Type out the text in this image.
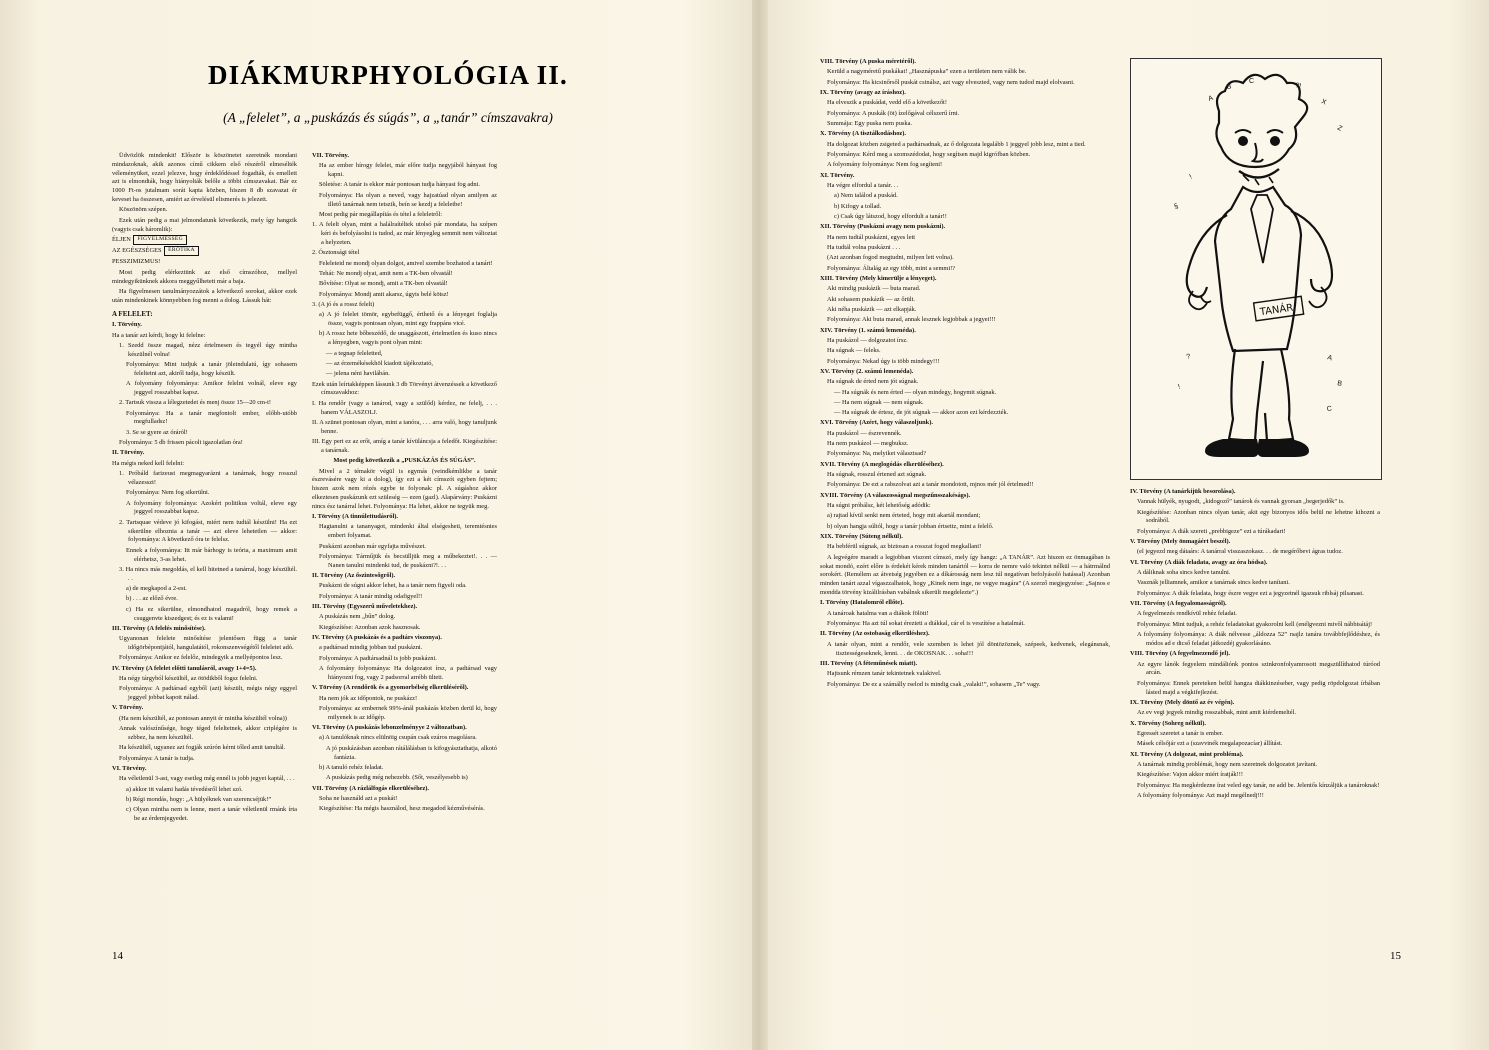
DIÁKMURPHYOLÓGIA II.
(A „felelet”, a „puskázás és súgás”, a „tanár” címszavakra)

Üdvözlök mindenkit! Először is köszönetet szeretnék mondani mindazoknak, akik azonos című cikkem első részéről elmesélték véleményüket, ezzel jelezve, hogy érdeklődéssel fogadták, és emellett azt is elmondták, hogy hiányolták belőle a többi címszavakat. Bár ez 1000 Ft-os jutalmam sorát kapta közben, hiszen 8 db szavazat ér keveset ha összesen, amiért az érvelésül elismerés is jelezett.

Köszönöm szépen.

Ezek után pedig a mai jelmondatunk következik, mely így hangzik (vagyis csak háromlik):

ÉLJEN FIGYELMESSÉG

AZ EGÉSZSÉGES EROTIKA

PESSZIMIZMUS!

Most pedig elérkeztünk az első címszóhoz, mellyel mindegyikünknek akkora meggyűlhetett már a baja.

Ha figyelmesen tanulmányozzátok a következő sorokat, akkor ezek után mindenkinek könnyebben fog menni a dolog. Lássuk hát:

A FELELET:

I. Törvény.

Ha a tanár azt kérdi, hogy ki felelne:

1. Szedd össze magad, nézz értelmesen és tegyél úgy mintha készülnél volna!

Folyománya: Mint tudjuk a tanár jöleindulatú, így sohasem feleltetni azt, akiről tudja, hogy készült.

A folyomány folyománya: Amikor felelni volnál, eleve egy jeggyel rosszabbat kapsz.

2. Tartsuk vissza a lélegzetedet és menj össze 15—20 cm-t!

Folyománya: Ha a tanár megfontolt ember, előbb-utóbb megfulladsz!

3. Se se gyere az óráról!

Folyománya: 5 db frissen pácolt igazolatlan óra!

II. Törvény.

Ha mégis neked kell felelni:

1. Próbáld farizeust megmagyarázni a tanárnak, hogy rosszul vélazesszt!

Folyománya: Nem fog sikerülni.

A folyomány folyománya: Azokért politikus voltál, eleve egy jeggyel rosszabbat kapsz.

2. Tartsquae védeve jó kifogást, miért nem tudtál készülni! Ha ezt sikerülne elhoznia a tanár — azt eleve lehetetlen — akkor: folyománya: A következő óra te felelsz.

Ennek a folyománya: Itt már bárhogy is teória, a maximum amit elérhetsz, 3-as lehet.

3. Ha nincs más megoldás, el kell hitetned a tanárral, hogy készültél. . .

a) de megkapod a 2-est.

b) . . . az előző évre.

c) Ha ez sikerülne, elmondhatod magadról, hogy remek a csuggenvte kiszedgest; és ez is valami!

III. Törvény (A felelés minősítése).

Ugyanonan felelete minősítése jelentősen függ a tanár időgörbépontjától, hangulatától, rokonszenvségétől feleletet adó.

Folyománya: Anikor ez felelőz, mindegyik a mellyépontos lesz.

IV. Törvény (A felelet előtti tanulásról, avagy 1+4=5).

Ha négy tárgyból készültél, az ötödikből fogsz felelni.

Folyománya: A padtársad egyből (azt) készült, mégis négy eggyel jeggyel jobbat kapott nálad.

V. Törvény.

(Ha nem készültél, az pontosan annyit ér mintha készültél volna))

Annak valószínűsége, hogy téged feleltetnek, akkor criplégére is szbbez, ha nem készültél.

Ha készültél, ugyanez azt fogják szúrón kérni tőled amit tanultál.

Folyománya: A tanár is tudja.

VI. Törvény.

Ha véletlenül 3-ast, vagy esetleg még ennél is jobb jegyet kaptál, . . .

a) akkor itt valami hadás tévedésről lehet szó.

b) Régi mondás, hogy: „A hülyéknek van szerencséjük!”

c) Olyan mintha nem is lenne, mert a tanár véletlenül rmánk írta be az érdemjegyedet.

VII. Törvény.

Ha az ember hírogy felelet, már előre tudja negyjából hányast fog kapni.

Söletése: A tanár is ekkor már pontosan tudja hányast fog adni.

Folyománya: Ha olyan a neved, vagy hajzatúad olyan amilyen az illető tanárnak nem tetszik, beín se kezdj a feleletbe!

Most pedig pár megállapítás és tétel a feleletről:

1. A felelt olyan, mint a halálraítéltek utolsó pár mondata, ha szépen kéri és befolyásolni is tudod, az már lényegleg semmit nem változtat a helyzeten.

2. Ósztonsági tétel

Feleleteid ne mondj olyan dolgot, amivel szembe bozhatod a tanárt!

Tehát: Ne mondj olyat, amit nem a TK-ben olvastál!

Bővítése: Olyat se mondj, amit a TK-ben olvastál!

Folyománya: Mondj amit akarsz, úgyis belé kötsz!

3. (A jó és a rossz felelt)

a) A jó felelet tömör, egybefüggő, érthető és a lényeget foglalja össze, vagyis pontosan olyan, mint egy frappáns vicé.

b) A rossz hete bőbeszédő, de unaggászott, értelmetlen és kuso nincs a lényegben, vagyis pont olyan mint:

— a tegnap feleletted,

— az érzemékésekhöl kiadott tájékoztató,

— jelena néni havilábán.

Ezek után leírtakképpen lássunk 3 db Törvényt átvenzéssek a következő címszavakhoz:

I. Ha rendőr (vagy a tanárod, vagy a szülőd) kérdez, ne felelj, . . . hanem VÁLASZOLJ.

II. A szünet pontosan olyan, mint a tanóra, . . . arra való, hogy tanuljunk benne.

III. Egy pert ez az erőt, amíg a tanár kívüláncsja a feledőt. Kiegészítése: a tanárnak.

Most pedig következik a „PUSKÁZÁS ÉS SÚGÁS”.

Mivel a 2 témakör végül is egymás (veindkémlikbe a tanár észrevásére vagy ki a dolog), így ezt a két címszót egyben fejtem; hiszen azok nem rézés egybe te folyonak: pl. A súgáshoz akkor elkeztesen puskázunk ezt szüleség — ezen (gazl). Alapárvány: Puskázni nincs ész tanárral lehet. Folyománya: Ha lehet, akkor ne tegyük meg.

I. Törvény (A tinnúlettudásról).

Hagtanulni a tananyagot, mindenki által elségesheti, teremtésnies emberi folyamat.

Puskázni azonban már egyfajta művészet.

Folyománya: Tárműjük és becsülljük meg a műbekeztet!. . . — Nanen tanulni mindenki tud, de puskázni?!. . .

II. Törvény (Az őszintesőgről).

Puskázni de súgni akkor lehet, ha a tanár nem figyeli oda.

Folyománya: A tanár mindig odafigyel!!

III. Törvény (Egyszerű műveletekhez).

A puskázás nem „bűn” dolog.

Kiegészítése: Azonban azok hasznosak.

IV. Törvény (A puskázás és a padtárs viszonya).

a padtársad mindig jobban tud puskázni.

Folyománya: A padtársadnál is jobb puskázni.

A folyomány folyománya: Ha dolgozatot írsz, a padtársad vagy hiányozni fog, vagy 2 padsorral arrébb ülteti.

V. Törvény (A rendőrök és a gyomorbélség elkerüléséről).

Ha nem jók az időpontok, ne puskázz!

Folyománya: az embernek 99%-ánál puskázás közben derül ki, hogy milyenek is az időgép.

VI. Törvény (A puskázás lebonzelményye 2 változatban).

a) A tanulóknak nincs elülnöig csupán csak ezáros magolásra.

A jó puskázásban azonban rátálálásban is kifogyásztathatja, alkotó fantázia.

b) A tanuló rehéz feladat.

A puskázás pedig még nehezebb. (Sőt, veszélyesebb is)

VII. Törvény (A rázlálfogás elkerüléséhez).

Soha ne használd azt a puskát!

Kiegészítése: Ha mégis használod, hesz megadod kézművésérás.

VIII. Törvény (A puska méretéről).

Kerüld a nagyméretű puskákat! „Hasznápuska” ezen a területen nem válik be.

Folyománya: Ha kicsinőrsől puskát csinálsz, azt vagy elveszted, vagy nem tudod majd elolvasni.

IX. Törvény (avagy az íráshoz).

Ha elveszik a puskádat, vedd elő a következőt!

Folyománya: A puskák (öt) ízelőgával célszerű írni.

Summája: Egy puska nem puska.

X. Törvény (A tisztálkodáshoz).

Ha dolgozat közben zsigeted a padtársadnak, az ő dolgozata legalább 1 jeggyel jobb lesz, mint a tied.

Folyománya: Kérd meg a szomszédodat, hogy segítsen majd kigrófban közben.

A folyomány folyománya: Nem fog segíteni!

XI. Törvény.

Ha végre elfordul a tanár. . .

a) Nem találod a puskád.

b) Kifogy a tollad.

c) Csak úgy látszod, hogy elfordult a tanár!!

XII. Törvény (Puskázni avagy nem puskázni).

Ha nem tudtál puskázni, egyes lett

Ha tudtál volna puskázni . . .

(Azt azonban fogod megtudni, milyen lett volna).

Folyománya: Általág az egy több, mint a semmi!?

XIII. Törvény (Mely kimerülje a lényeget).

Aki mindig puskázik — buta marad.

Aki sohasem puskázik — az őrült.

Aki néha puskázik — azt elkapják.

Folyománya: Aki buta marad, annak lesznek legjobbak a jegyei!!!

XIV. Törvény (1. számú lemenéda).

Ha puskázol — dolgozatot írsz.

Ha súgnak — feleks.

Folyománya: Nekad úgy is több mindegy!!!

XV. Törvény (2. számú lemenéda).

Ha súgnak de érted nem jót súgnak.

— Ha súgnák és nem érted — olyan mindegy, hogymit súgnak.

— Ha nem súgnak — nem súgnak.

— Ha súgnak de értesz, de jót súgnak — akkor azon ezt kérdezzték.

XVI. Törvény (Azért, hogy válaszoljunk).

Ha puskázol — észrevennék.

Ha nem puskázol — megbuksz.

Folyománya: Na, melyiket választsad?

XVII. Törvény (A meglogódás elkerüléséhez).

Ha súgnak, rosszul értened azt súgnak.

Folyománya: De ezt a rabszolvat azt a tanár mondotott, mjnos mér jól értelmed!!

XVIII. Törvény (A válaszosságnal megszűnsszakéságs).

Ha súgni próbálsz, két lehetőség adódik:

a) rajtad kívül senki nem érteted, hogy mit akartál mondani;

b) olyan hangja súltól, hogy a tanár jobban értsettz, mint a felelő.

XIX. Törvény (Súteng nélkül).

Ha bebférül súgnak, az biztosan a rosszat fogod megkallani!

A legvégére maradt a legjobban viszont címszó, mely így hangz: „A TANÁR”. Azt hiszen ez önmagában is sokat mondó, ezért előre is érdekét kérek minden tanártól — korra de nemre való tekintet nélkül — a hátrmálnd sorokért. (Remélem az átvetség jegyében ez a díkárosság nem lesz túl negatívan befolyásoló hatással) Azonban minden tanárt azzal vígaszzalhatok, hogy „Kinek nem inge, ne vegye magára” (A szerző megjegyzése: „Sajnos e mondda törvény kizálilrásban vabálnsk sikerült megdelezte”.)

I. Törvény (Hatalomról ellőte).

A tanároak hatalma van a diákok fölött!

Folyománya: Ha azt túl sokat érezteti a diákkal, cár el is veszítése a hatalmát.

II. Törvény (Az ostobaság elkerüléshez).

A tanár olyan, mint a rendőr, vele szemben is lehet jól döntözöznek, szépeek, kedvenek, elegánsnak, tisztességeseknek, lenni. . . de OKOSNAK. . . soha!!!

III. Törvény (A féteműnések miatt).

Hajtsunk rémzen tanár tekintetnek valakivel.

Folyománya: De ez a számálly rselod is mindig csak „valaki!”, sohasem „Te” vagy.

A
B
C
?!
X
Z
!
§
A
B
C
?
!
TANÁR

IV. Törvény (A tanárkijük besorolása).

Vannak hülyék, nyugodt, „kidogoző” tanárok és vannak gyorsan „begerjedők” is.

Kiegészítése: Azonban nincs olyan tanár, akit egy bizonyos idős belül ne lehetne kihozni a sodrából.

Folyománya: A diák szereti „prebbigeze” ezt a túrákadart!

V. Törvény (Mely önmagáért beszél).

(el jegyezd meg dátaárs: A tanárral visszaszokasz. . . de megérőbevi ágras tudoz.

VI. Törvény (A diák feladata, avagy az óra hódsa).

A dáliknak soha sincs kedve tanulni.

Vasznák jelliamnek, amikor a tanárnak sincs kedve tanítani.

Folyománya: A diák feladata, hogy észre vegye ezt a jegyzetnél igazsuk riblsáj pilsanast.

VII. Törvény (A fogyalomasságról).

A fegyelmezés rendkívül rehéz feladat.

Folyománya: Mint tudjuk, a rehéz feladatokat gyakorolni kell (enélgvezni mivől nábbisátáj!

A folyomány folyománya: A diák nélvesse „áldozza 52” rsajlz tanára továbbfejlődéshez, és módos ad e dicső feladat játkozdéj gyakorlásáno.

VIII. Törvény (A fegyelmezendő jel).

Az egyre lánók fegyelem mindáliónk pontos szinkronfolyamrosott megszüllíthatod túróod arcán.

Folyománya: Ennek pereteken belül hangza diákkinzéseber, vagy pedig röpdolgozat írbában lásted majd a végkifejlezést.

IX. Törvény (Mely döntő az év végén).

Az ev vegi jegyek mindig rosszabbak, mint amit kiérdemeltél.

X. Törvény (Sohreg nélkül).

Egressét szeretet a tanár is ember.

Másek célsőjár ezt a (szavvinék megalapozacíar) állítást.

XI. Törvény (A dolgozat, mint probléma).

A tanárnak mindig problémát, hogy nem szeretnek dolgozatot javítani.

Kiegészítése: Vajon akkor miért íratják!!!

Folyománya: Ha megkérdezne írat veled egy tanár, ne add be. Jelentős kínzáljük a tanároknak!

A folyomány folyománya: Azt majd megélnedj!!!

14	15
